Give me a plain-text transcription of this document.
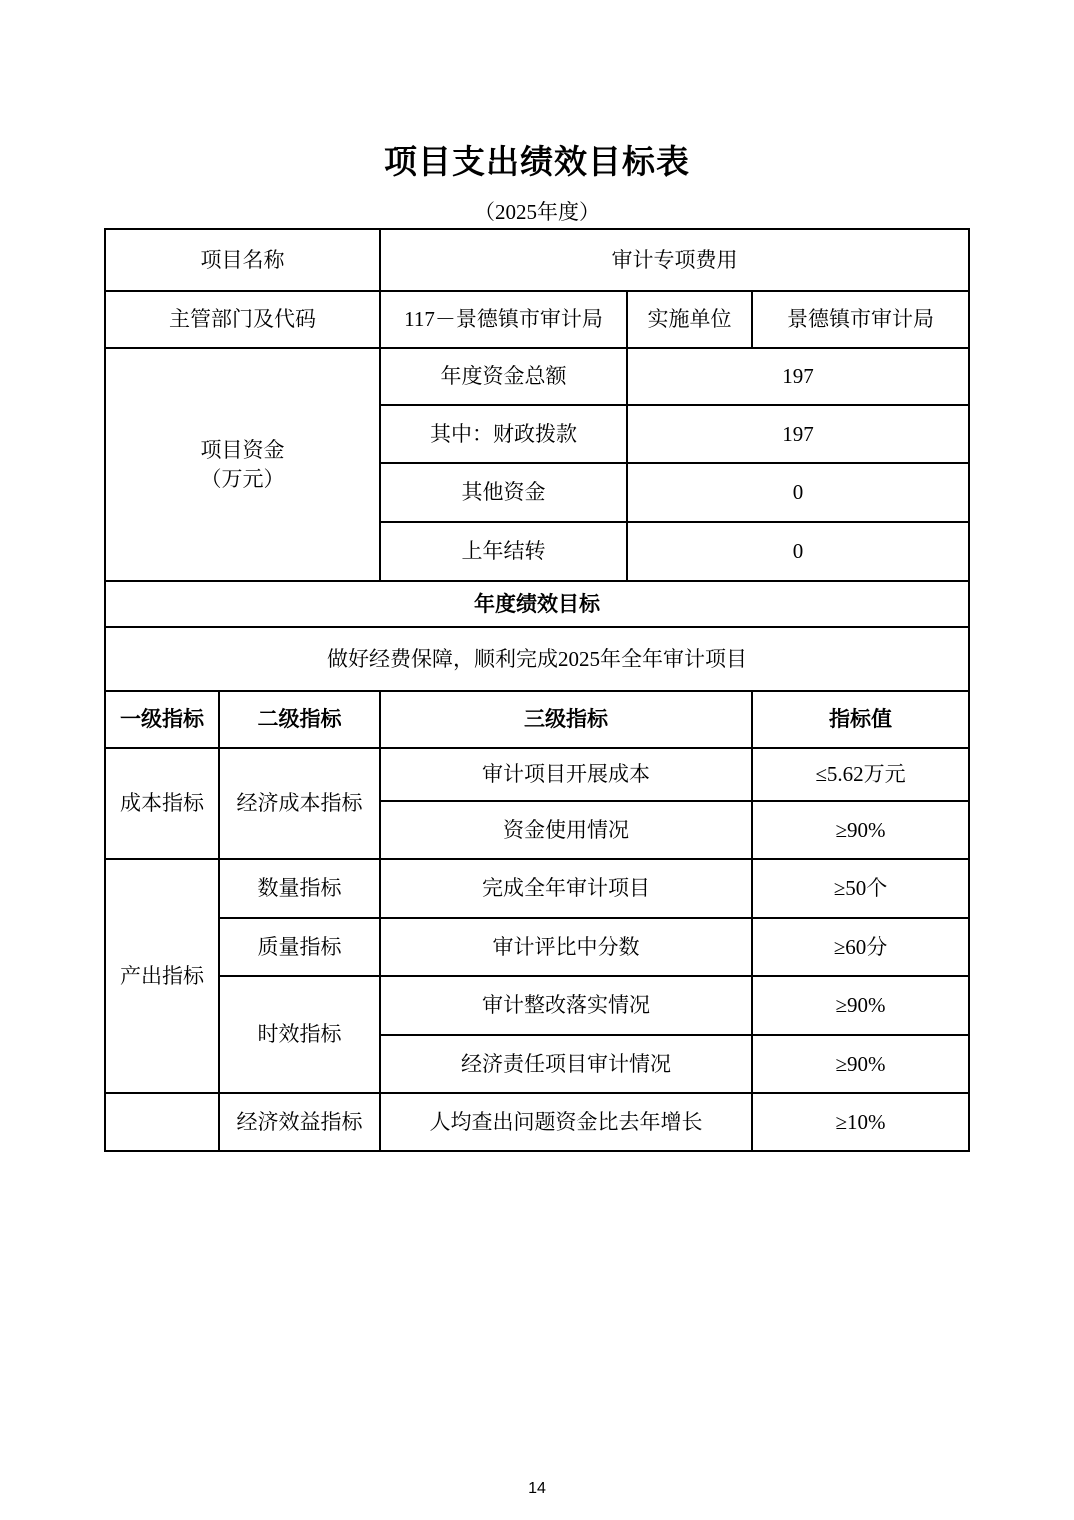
项目支出绩效目标表
（2025年度）
项目名称		审计专项费用		
主管部门及代码		117－景德镇市审计局	实施单位	景德镇市审计局

项目资金
（万元）		年度资金总额	197	
		其中：财政拨款	197	
		其他资金	0	
		上年结转	0	
年度绩效目标				
做好经费保障，顺利完成2025年全年审计项目				
一级指标	二级指标	三级指标		指标值
成本指标	经济成本指标	审计项目开展成本		≤5.62万元
		资金使用情况		≥90%
产出指标	数量指标	完成全年审计项目		≥50个
	质量指标	审计评比中分数		≥60分
	时效指标	审计整改落实情况		≥90%
		经济责任项目审计情况		≥90%
	经济效益指标	人均查出问题资金比去年增长		≥10%
14
